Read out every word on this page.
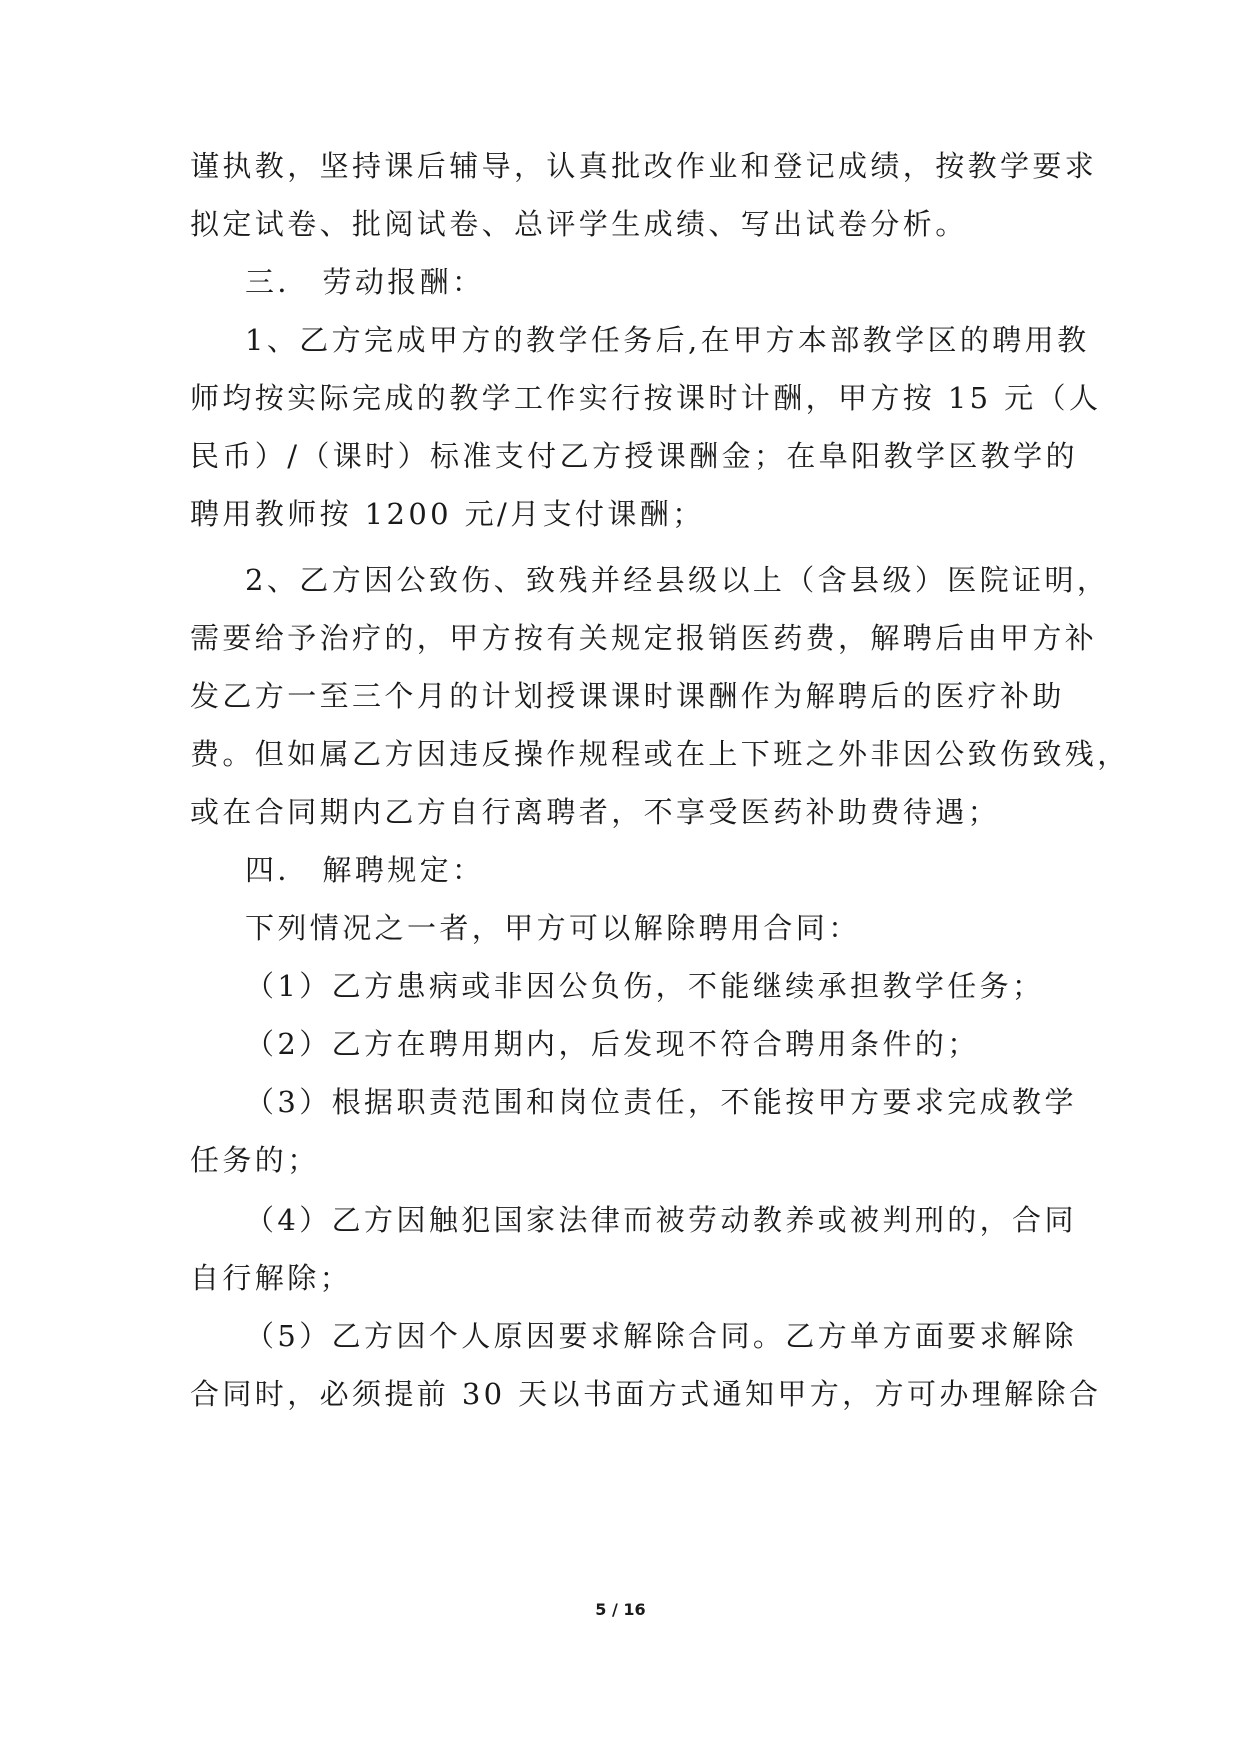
谨执教，坚持课后辅导，认真批改作业和登记成绩，按教学要求
拟定试卷、批阅试卷、总评学生成绩、写出试卷分析。
三． 劳动报酬：
1、乙方完成甲方的教学任务后,在甲方本部教学区的聘用教
师均按实际完成的教学工作实行按课时计酬，甲方按 15 元（人
民币）/（课时）标准支付乙方授课酬金；在阜阳教学区教学的
聘用教师按 1200 元/月支付课酬；
2、乙方因公致伤、致残并经县级以上（含县级）医院证明，
需要给予治疗的，甲方按有关规定报销医药费，解聘后由甲方补
发乙方一至三个月的计划授课课时课酬作为解聘后的医疗补助
费。但如属乙方因违反操作规程或在上下班之外非因公致伤致残，
或在合同期内乙方自行离聘者，不享受医药补助费待遇；
四． 解聘规定：
下列情况之一者，甲方可以解除聘用合同：
（1）乙方患病或非因公负伤，不能继续承担教学任务；
（2）乙方在聘用期内，后发现不符合聘用条件的；
（3）根据职责范围和岗位责任，不能按甲方要求完成教学
任务的；
（4）乙方因触犯国家法律而被劳动教养或被判刑的，合同
自行解除；
（5）乙方因个人原因要求解除合同。乙方单方面要求解除
合同时，必须提前 30 天以书面方式通知甲方，方可办理解除合
5 / 16
